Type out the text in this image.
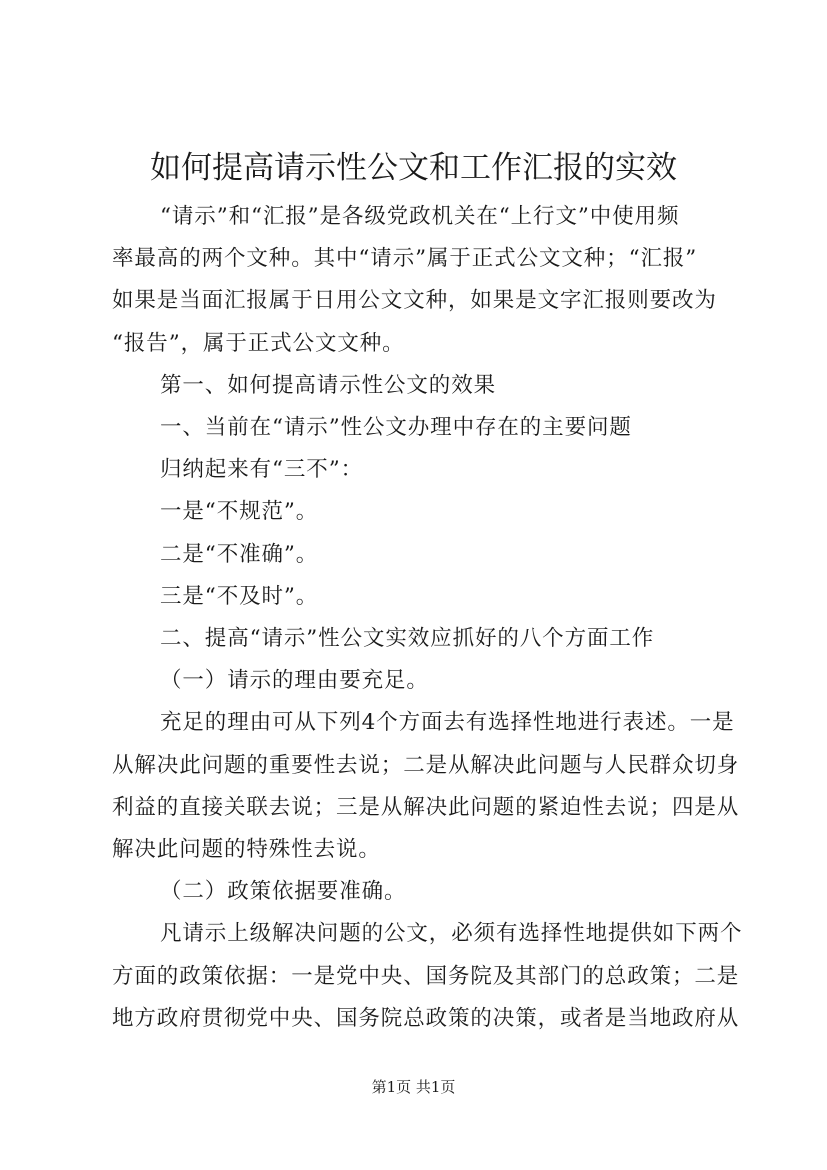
如何提高请示性公文和工作汇报的实效

“请示”和“汇报”是各级党政机关在“上行文”中使用频

率最高的两个文种。其中“请示”属于正式公文文种；“汇报”

如果是当面汇报属于日用公文文种，如果是文字汇报则要改为

“报告”，属于正式公文文种。

第一、如何提高请示性公文的效果

一、当前在“请示”性公文办理中存在的主要问题

归纳起来有“三不”：

一是“不规范”。

二是“不准确”。

三是“不及时”。

二、提高“请示”性公文实效应抓好的八个方面工作

（一）请示的理由要充足。

充足的理由可从下列4个方面去有选择性地进行表述。一是

从解决此问题的重要性去说；二是从解决此问题与人民群众切身

利益的直接关联去说；三是从解决此问题的紧迫性去说；四是从

解决此问题的特殊性去说。

（二）政策依据要准确。

凡请示上级解决问题的公文，必须有选择性地提供如下两个

方面的政策依据：一是党中央、国务院及其部门的总政策；二是

地方政府贯彻党中央、国务院总政策的决策，或者是当地政府从

第1页 共1页
